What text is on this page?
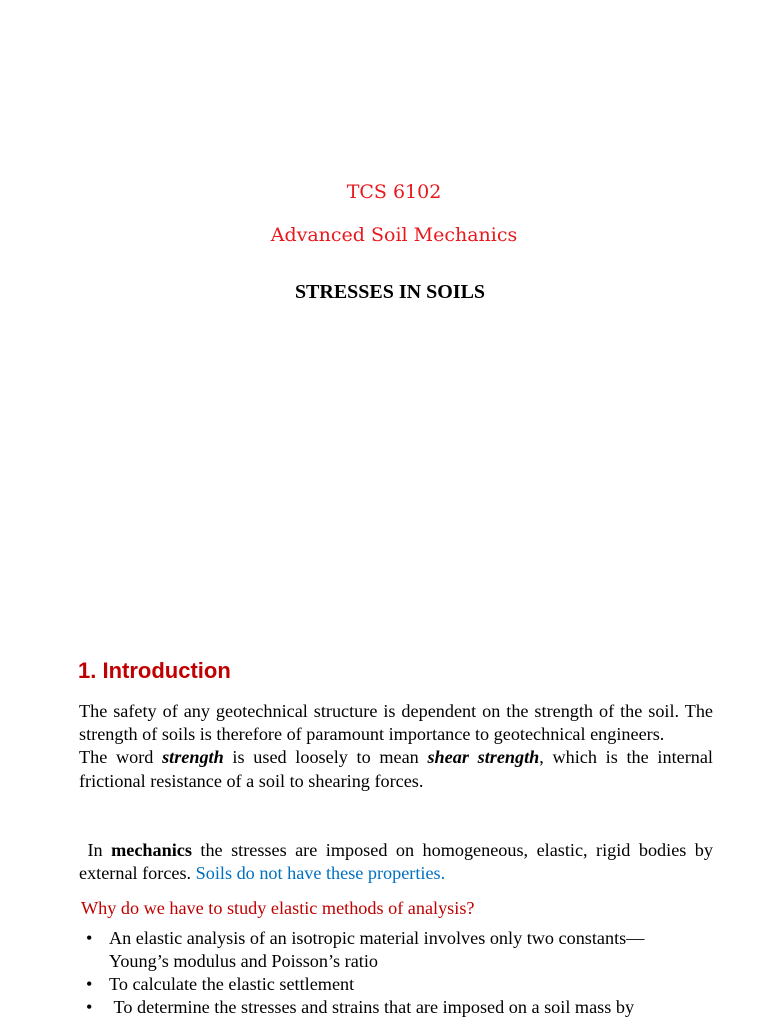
TCS 6102
Advanced Soil Mechanics
STRESSES IN SOILS
1. Introduction

The safety of any geotechnical structure is dependent on the strength of the soil. The strength of soils is therefore of paramount importance to geotechnical engineers.
The word strength is used loosely to mean shear strength, which is the internal frictional resistance of a soil to shearing forces.

In mechanics the stresses are imposed on homogeneous, elastic, rigid bodies by external forces. Soils do not have these properties.

Why do we have to study elastic methods of analysis?

• An elastic analysis of an isotropic material involves only two constants—Young’s modulus and Poisson’s ratio
• To calculate the elastic settlement
• To determine the stresses and strains that are imposed on a soil mass by
